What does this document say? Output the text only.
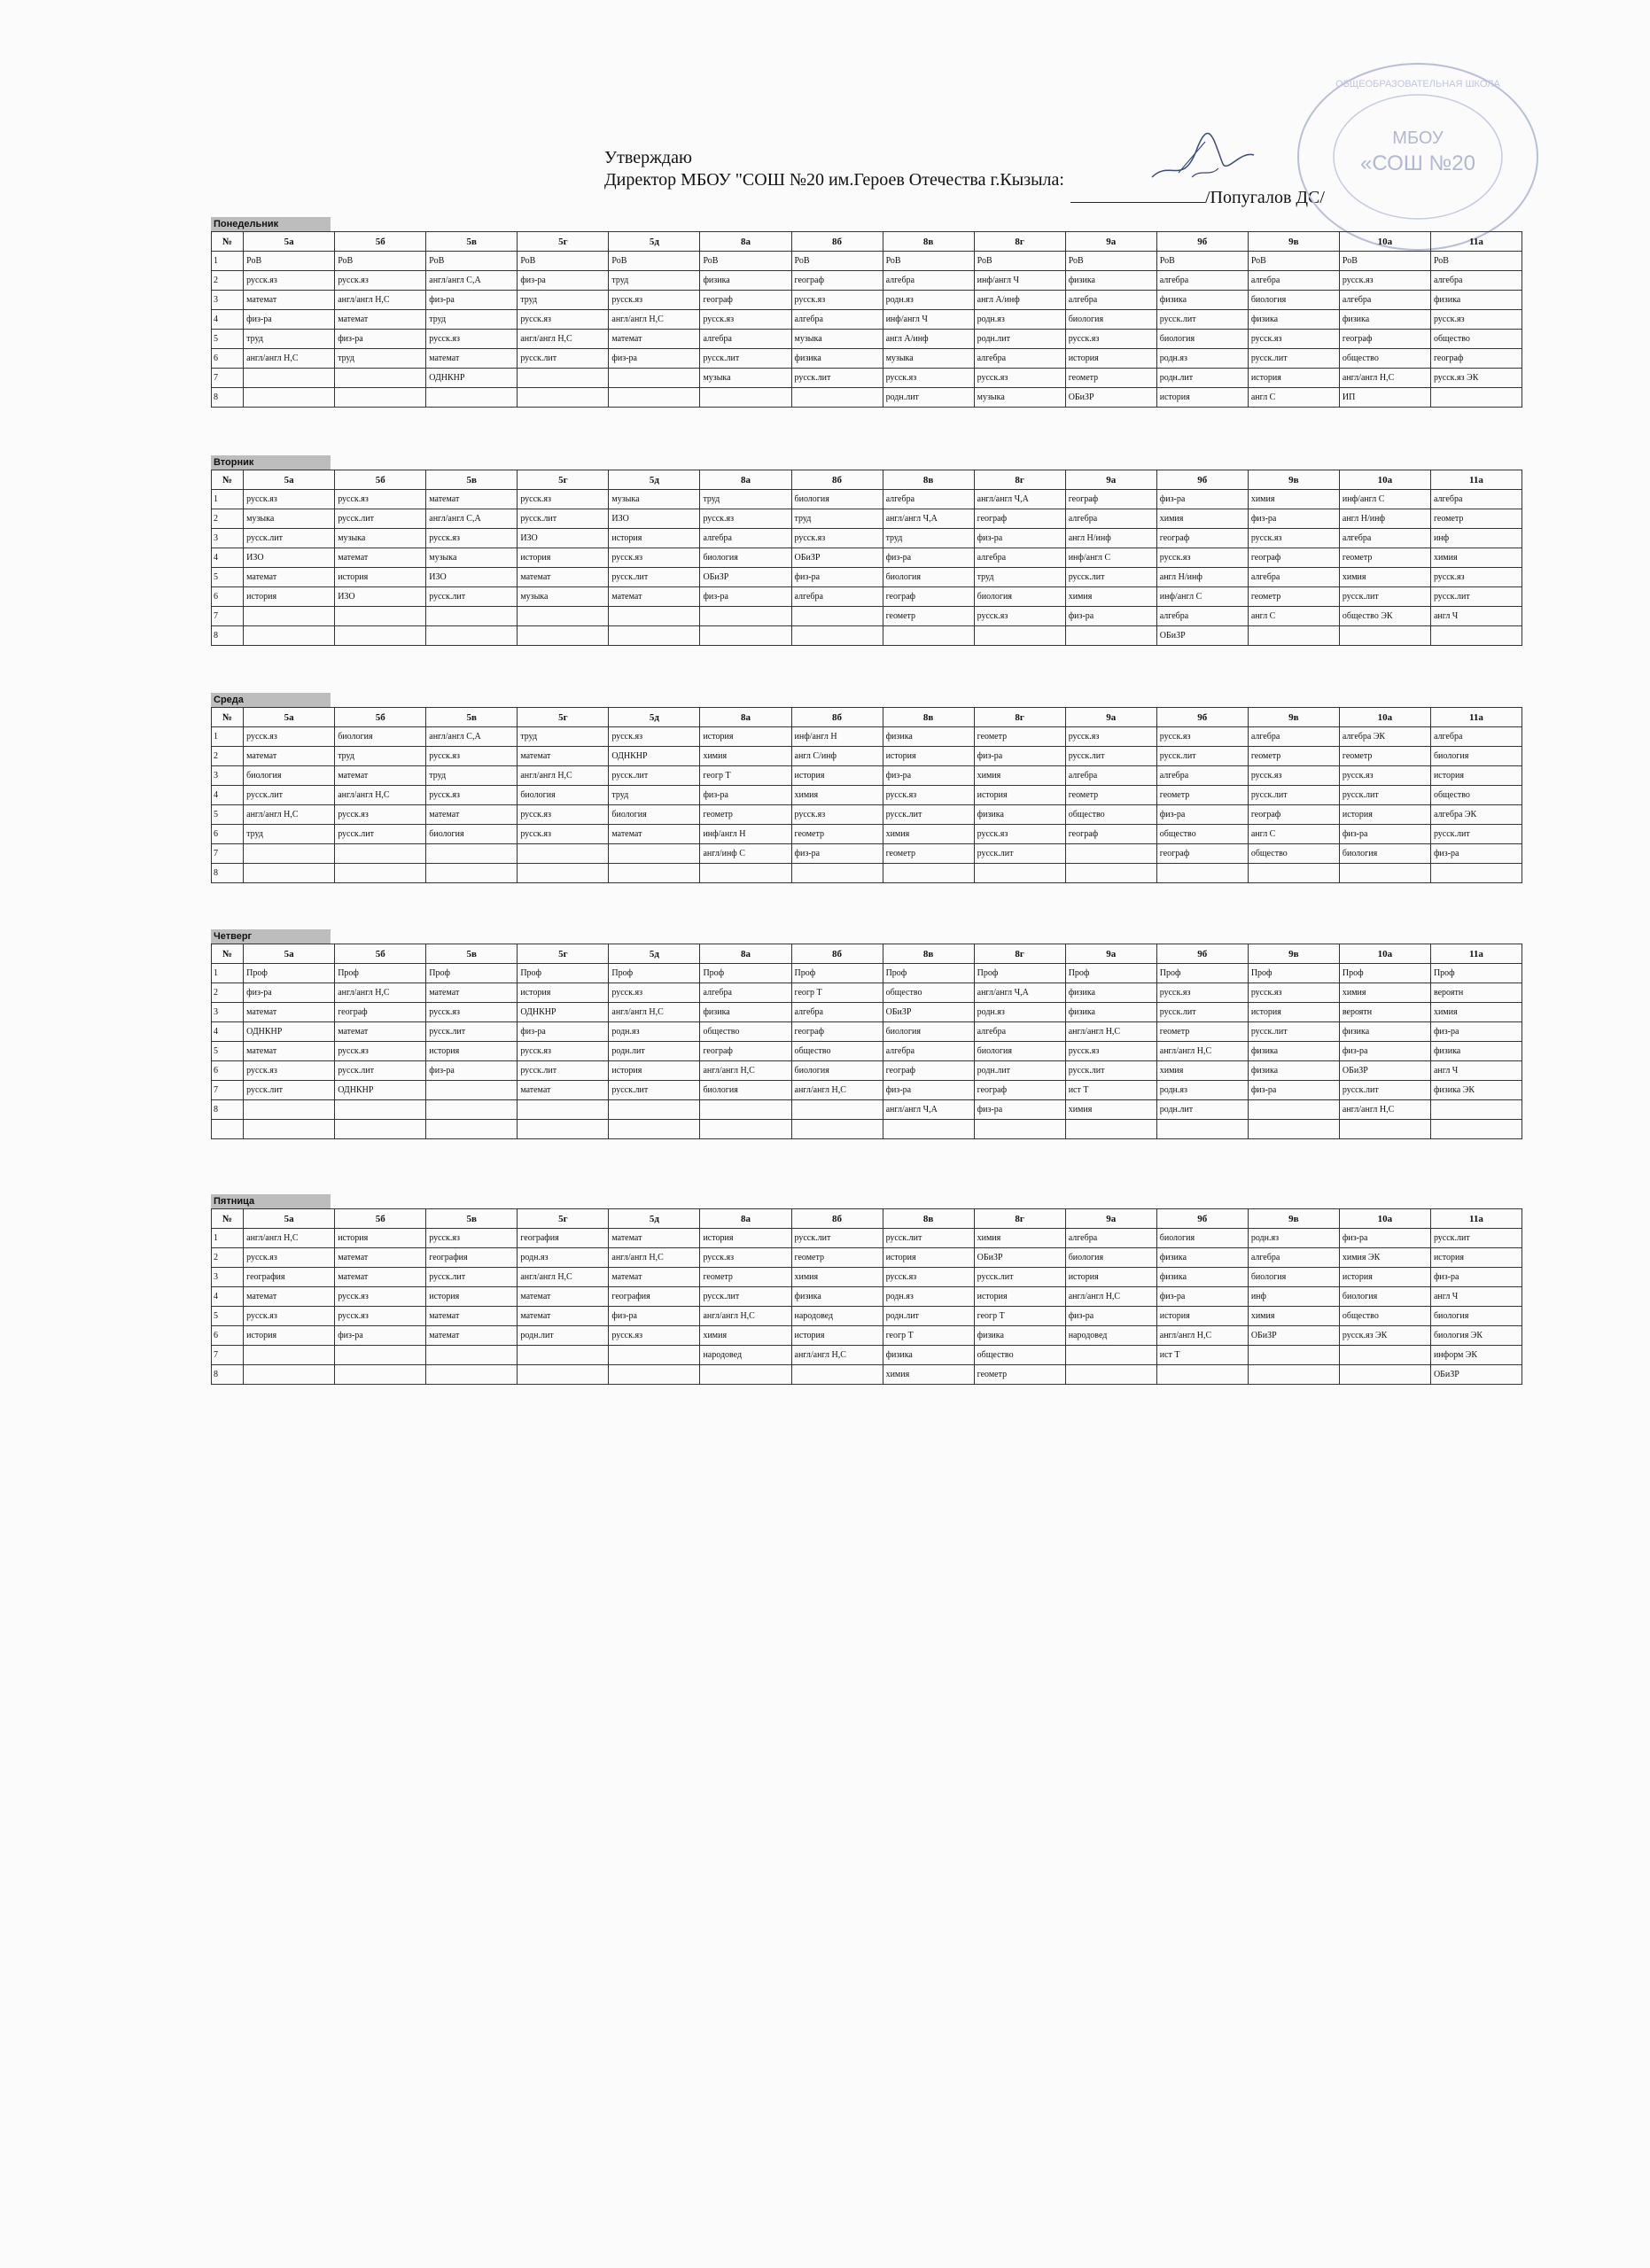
Утверждаю
Директор МБОУ "СОШ №20 им.Героев Отечества г.Кызыла:
/Попугалов ДС/
МБОУ
«СОШ №20
ОБЩЕОБРАЗОВАТЕЛЬНАЯ ШКОЛА
Понедельник
№	5а	5б	5в	5г	5д	8а	8б	8в	8г	9а	9б	9в	10а	11а
1	РоВ	РоВ	РоВ	РоВ	РоВ	РоВ	РоВ	РоВ	РоВ	РоВ	РоВ	РоВ	РоВ	РоВ
2	русск.яз	русск.яз	англ/англ С,А	физ-ра	труд	физика	географ	алгебра	инф/англ Ч	физика	алгебра	алгебра	русск.яз	алгебра
3	математ	англ/англ Н,С	физ-ра	труд	русск.яз	географ	русск.яз	родн.яз	англ А/инф	алгебра	физика	биология	алгебра	физика
4	физ-ра	математ	труд	русск.яз	англ/англ Н,С	русск.яз	алгебра	инф/англ Ч	родн.яз	биология	русск.лит	физика	физика	русск.яз
5	труд	физ-ра	русск.яз	англ/англ Н,С	математ	алгебра	музыка	англ А/инф	родн.лит	русск.яз	биология	русск.яз	географ	общество
6	англ/англ Н,С	труд	математ	русск.лит	физ-ра	русск.лит	физика	музыка	алгебра	история	родн.яз	русск.лит	общество	географ
7			ОДНКНР			музыка	русск.лит	русск.яз	русск.яз	геометр	родн.лит	история	англ/англ Н,С	русск.яз ЭК
8								родн.лит	музыка	ОБиЗР	история	англ С	ИП	
Вторник
№	5а	5б	5в	5г	5д	8а	8б	8в	8г	9а	9б	9в	10а	11а
1	русск.яз	русск.яз	математ	русск.яз	музыка	труд	биология	алгебра	англ/англ Ч,А	географ	физ-ра	химия	инф/англ С	алгебра
2	музыка	русск.лит	англ/англ С,А	русск.лит	ИЗО	русск.яз	труд	англ/англ Ч,А	географ	алгебра	химия	физ-ра	англ Н/инф	геометр
3	русск.лит	музыка	русск.яз	ИЗО	история	алгебра	русск.яз	труд	физ-ра	англ Н/инф	географ	русск.яз	алгебра	инф
4	ИЗО	математ	музыка	история	русск.яз	биология	ОБиЗР	физ-ра	алгебра	инф/англ С	русск.яз	географ	геометр	химия
5	математ	история	ИЗО	математ	русск.лит	ОБиЗР	физ-ра	биология	труд	русск.лит	англ Н/инф	алгебра	химия	русск.яз
6	история	ИЗО	русск.лит	музыка	математ	физ-ра	алгебра	географ	биология	химия	инф/англ С	геометр	русск.лит	русск.лит
7								геометр	русск.яз	физ-ра	алгебра	англ С	общество ЭК	англ Ч
8											ОБиЗР			
Среда
№	5а	5б	5в	5г	5д	8а	8б	8в	8г	9а	9б	9в	10а	11а
1	русск.яз	биология	англ/англ С,А	труд	русск.яз	история	инф/англ Н	физика	геометр	русск.яз	русск.яз	алгебра	алгебра ЭК	алгебра
2	математ	труд	русск.яз	математ	ОДНКНР	химия	англ С/инф	история	физ-ра	русск.лит	русск.лит	геометр	геометр	биология
3	биология	математ	труд	англ/англ Н,С	русск.лит	геогр Т	история	физ-ра	химия	алгебра	алгебра	русск.яз	русск.яз	история
4	русск.лит	англ/англ Н,С	русск.яз	биология	труд	физ-ра	химия	русск.яз	история	геометр	геометр	русск.лит	русск.лит	общество
5	англ/англ Н,С	русск.яз	математ	русск.яз	биология	геометр	русск.яз	русск.лит	физика	общество	физ-ра	географ	история	алгебра ЭК
6	труд	русск.лит	биология	русск.яз	математ	инф/англ Н	геометр	химия	русск.яз	географ	общество	англ С	физ-ра	русск.лит
7						англ/инф С	физ-ра	геометр	русск.лит		географ	общество	биология	физ-ра
8														
Четверг
№	5а	5б	5в	5г	5д	8а	8б	8в	8г	9а	9б	9в	10а	11а
1	Проф	Проф	Проф	Проф	Проф	Проф	Проф	Проф	Проф	Проф	Проф	Проф	Проф	Проф
2	физ-ра	англ/англ Н,С	математ	история	русск.яз	алгебра	геогр Т	общество	англ/англ Ч,А	физика	русск.яз	русск.яз	химия	вероятн
3	математ	географ	русск.яз	ОДНКНР	англ/англ Н,С	физика	алгебра	ОБиЗР	родн.яз	физика	русск.лит	история	вероятн	химия
4	ОДНКНР	математ	русск.лит	физ-ра	родн.яз	общество	географ	биология	алгебра	англ/англ Н,С	геометр	русск.лит	физика	физ-ра
5	математ	русск.яз	история	русск.яз	родн.лит	географ	общество	алгебра	биология	русск.яз	англ/англ Н,С	физика	физ-ра	физика
6	русск.яз	русск.лит	физ-ра	русск.лит	история	англ/англ Н,С	биология	географ	родн.лит	русск.лит	химия	физика	ОБиЗР	англ Ч
7	русск.лит	ОДНКНР		математ	русск.лит	биология	англ/англ Н,С	физ-ра	географ	ист Т	родн.яз	физ-ра	русск.лит	физика ЭК
8								англ/англ Ч,А	физ-ра	химия	родн.лит		англ/англ Н,С	

Пятница
№	5а	5б	5в	5г	5д	8а	8б	8в	8г	9а	9б	9в	10а	11а
1	англ/англ Н,С	история	русск.яз	география	математ	история	русск.лит	русск.лит	химия	алгебра	биология	родн.яз	физ-ра	русск.лит
2	русск.яз	математ	география	родн.яз	англ/англ Н,С	русск.яз	геометр	история	ОБиЗР	биология	физика	алгебра	химия ЭК	история
3	география	математ	русск.лит	англ/англ Н,С	математ	геометр	химия	русск.яз	русск.лит	история	физика	биология	история	физ-ра
4	математ	русск.яз	история	математ	география	русск.лит	физика	родн.яз	история	англ/англ Н,С	физ-ра	инф	биология	англ Ч
5	русск.яз	русск.яз	математ	математ	физ-ра	англ/англ Н,С	народовед	родн.лит	геогр Т	физ-ра	история	химия	общество	биология
6	история	физ-ра	математ	родн.лит	русск.яз	химия	история	геогр Т	физика	народовед	англ/англ Н,С	ОБиЗР	русск.яз ЭК	биология ЭК
7						народовед	англ/англ Н,С	физика	общество		ист Т			информ ЭК
8								химия	геометр					ОБиЗР
